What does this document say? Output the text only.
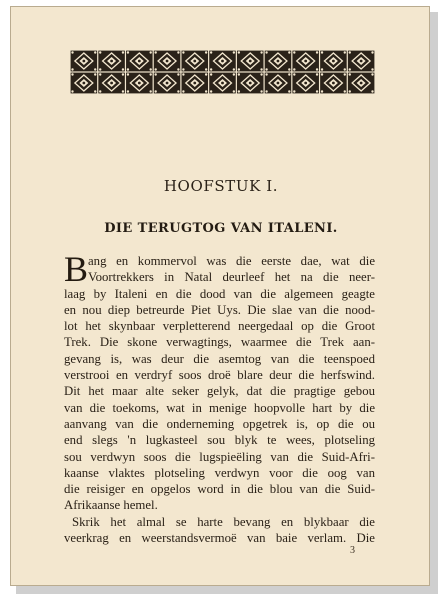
HOOFSTUK I.
DIE TERUGTOG VAN ITALENI.
B ang en kommervol was die eerste dae, wat die
Voortrekkers in Natal deurleef het na die neer-
laag by Italeni en die dood van die algemeen geagte
en nou diep betreurde Piet Uys. Die slae van die nood-
lot het skynbaar verpletterend neergedaal op die Groot
Trek. Die skone verwagtings, waarmee die Trek aan-
gevang is, was deur die asemtog van die teenspoed
verstrooi en verdryf soos droë blare deur die herfswind.
Dit het maar alte seker gelyk, dat die pragtige gebou
van die toekoms, wat in menige hoopvolle hart by die
aanvang van die onderneming opgetrek is, op die ou
end slegs 'n lugkasteel sou blyk te wees, plotseling
sou verdwyn soos die lugspieëling van die Suid-Afri-
kaanse vlaktes plotseling verdwyn voor die oog van
die reisiger en opgelos word in die blou van die Suid-
Afrikaanse hemel.
Skrik het almal se harte bevang en blykbaar die
veerkrag en weerstandsvermoë van baie verlam. Die
3
